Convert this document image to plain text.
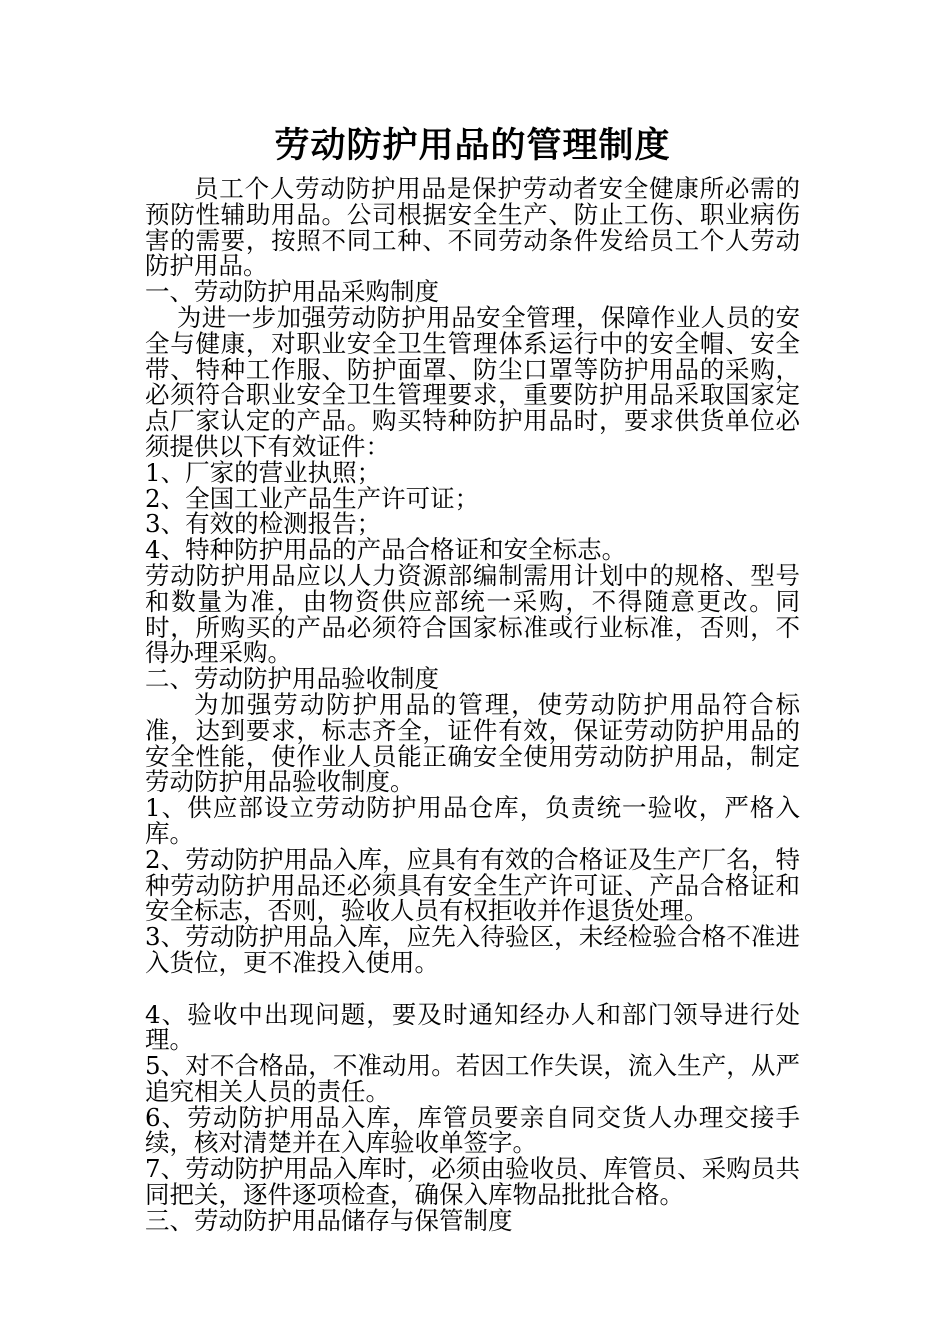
劳动防护用品的管理制度

员工个人劳动防护用品是保护劳动者安全健康所必需的预防性辅助用品。公司根据安全生产、防止工伤、职业病伤害的需要，按照不同工种、不同劳动条件发给员工个人劳动防护用品。

一、劳动防护用品采购制度

为进一步加强劳动防护用品安全管理，保障作业人员的安全与健康，对职业安全卫生管理体系运行中的安全帽、安全带、特种工作服、防护面罩、防尘口罩等防护用品的采购，必须符合职业安全卫生管理要求，重要防护用品采取国家定点厂家认定的产品。购买特种防护用品时，要求供货单位必须提供以下有效证件：

1、厂家的营业执照；

2、全国工业产品生产许可证；

3、有效的检测报告；

4、特种防护用品的产品合格证和安全标志。

劳动防护用品应以人力资源部编制需用计划中的规格、型号和数量为准，由物资供应部统一采购，不得随意更改。同时，所购买的产品必须符合国家标准或行业标准，否则，不得办理采购。

二、劳动防护用品验收制度

为加强劳动防护用品的管理，使劳动防护用品符合标准，达到要求，标志齐全，证件有效，保证劳动防护用品的安全性能，使作业人员能正确安全使用劳动防护用品，制定劳动防护用品验收制度。

1、供应部设立劳动防护用品仓库，负责统一验收，严格入库。

2、劳动防护用品入库，应具有有效的合格证及生产厂名，特种劳动防护用品还必须具有安全生产许可证、产品合格证和安全标志，否则，验收人员有权拒收并作退货处理。

3、劳动防护用品入库，应先入待验区，未经检验合格不准进入货位，更不准投入使用。

4、验收中出现问题，要及时通知经办人和部门领导进行处理。

5、对不合格品，不准动用。若因工作失误，流入生产，从严追究相关人员的责任。

6、劳动防护用品入库，库管员要亲自同交货人办理交接手续，核对清楚并在入库验收单签字。

7、劳动防护用品入库时，必须由验收员、库管员、采购员共同把关，逐件逐项检查，确保入库物品批批合格。

三、劳动防护用品储存与保管制度
